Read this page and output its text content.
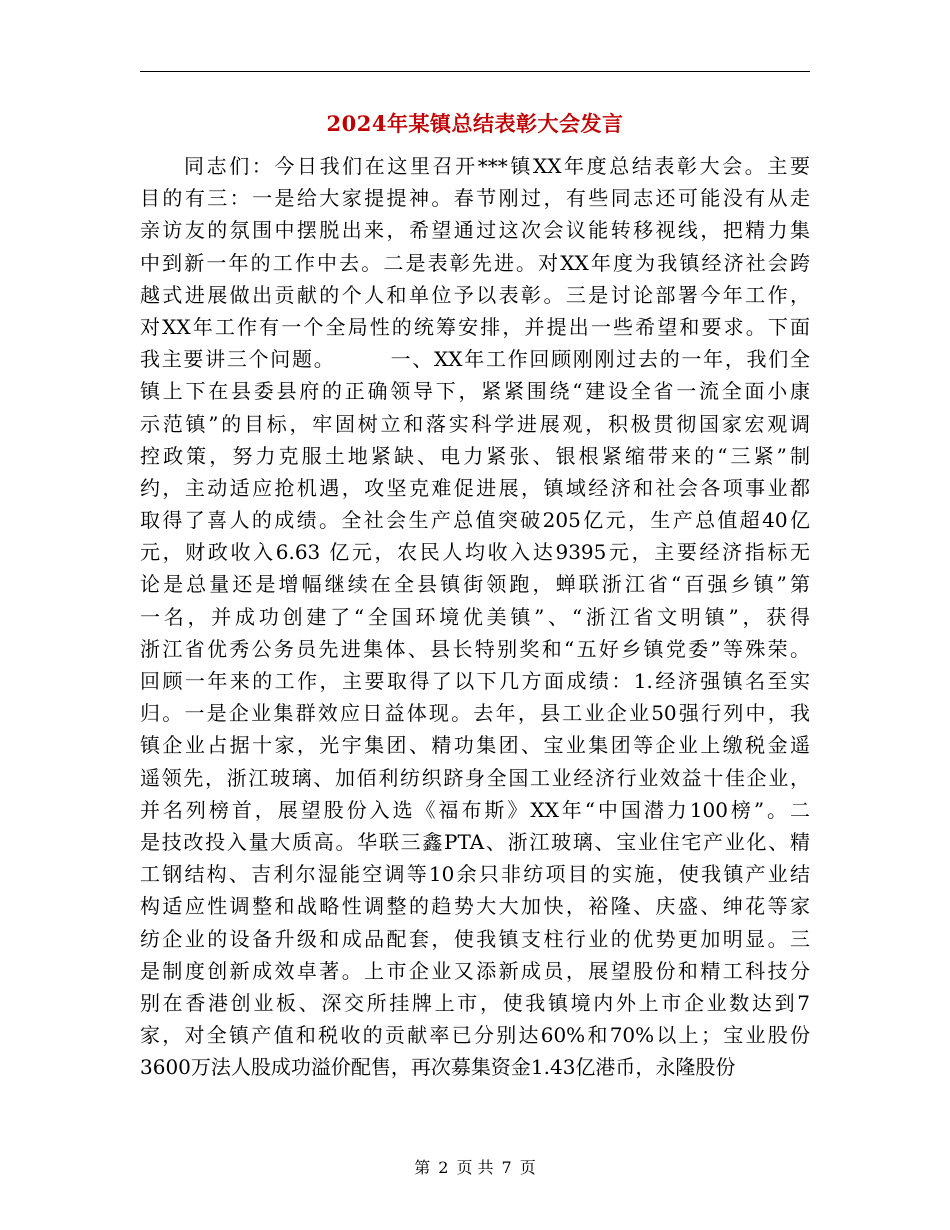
2024年某镇总结表彰大会发言
同志们：今日我们在这里召开***镇XX年度总结表彰大会。主要
目的有三：一是给大家提提神。春节刚过，有些同志还可能没有从走
亲访友的氛围中摆脱出来，希望通过这次会议能转移视线，把精力集
中到新一年的工作中去。二是表彰先进。对XX年度为我镇经济社会跨
越式进展做出贡献的个人和单位予以表彰。三是讨论部署今年工作，
对XX年工作有一个全局性的统筹安排，并提出一些希望和要求。下面
我主要讲三个问题。　　　一、XX年工作回顾刚刚过去的一年，我们全
镇上下在县委县府的正确领导下，紧紧围绕“建设全省一流全面小康
示范镇”的目标，牢固树立和落实科学进展观，积极贯彻国家宏观调
控政策，努力克服土地紧缺、电力紧张、银根紧缩带来的“三紧”制
约，主动适应抢机遇，攻坚克难促进展，镇域经济和社会各项事业都
取得了喜人的成绩。全社会生产总值突破205亿元，生产总值超40亿
元，财政收入6.63 亿元，农民人均收入达9395元，主要经济指标无
论是总量还是增幅继续在全县镇街领跑，蝉联浙江省“百强乡镇”第
一名，并成功创建了“全国环境优美镇”、“浙江省文明镇”，获得
浙江省优秀公务员先进集体、县长特别奖和“五好乡镇党委”等殊荣。
回顾一年来的工作，主要取得了以下几方面成绩：1.经济强镇名至实
归。一是企业集群效应日益体现。去年，县工业企业50强行列中，我
镇企业占据十家，光宇集团、精功集团、宝业集团等企业上缴税金遥
遥领先，浙江玻璃、加佰利纺织跻身全国工业经济行业效益十佳企业，
并名列榜首，展望股份入选《福布斯》XX年“中国潜力100榜”。二
是技改投入量大质高。华联三鑫PTA、浙江玻璃、宝业住宅产业化、精
工钢结构、吉利尔湿能空调等10余只非纺项目的实施，使我镇产业结
构适应性调整和战略性调整的趋势大大加快，裕隆、庆盛、绅花等家
纺企业的设备升级和成品配套，使我镇支柱行业的优势更加明显。三
是制度创新成效卓著。上市企业又添新成员，展望股份和精工科技分
别在香港创业板、深交所挂牌上市，使我镇境内外上市企业数达到7
家，对全镇产值和税收的贡献率已分别达60%和70%以上；宝业股份
3600万法人股成功溢价配售，再次募集资金1.43亿港币，永隆股份
第 2 页 共 7 页
